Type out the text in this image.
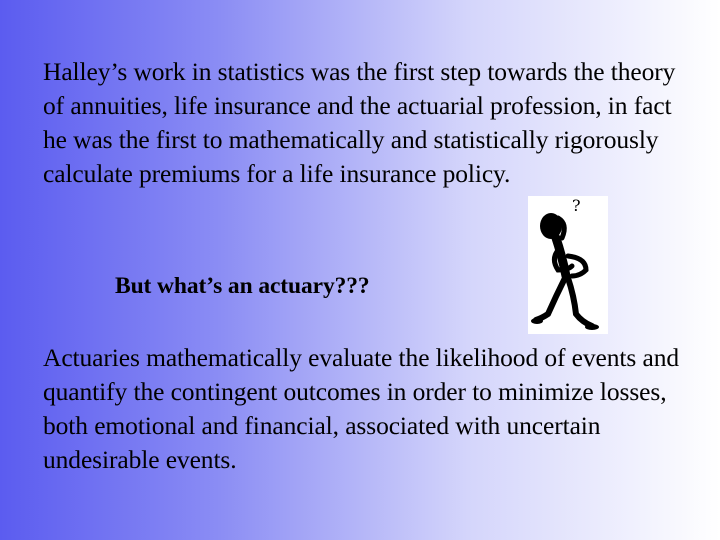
Halley’s work in statistics was the first step towards the theory of annuities, life insurance and the actuarial profession, in fact he was the first to mathematically and statistically rigorously calculate premiums for a life insurance policy.

But what’s an actuary???

?

Actuaries mathematically evaluate the likelihood of events and quantify the contingent outcomes in order to minimize losses, both emotional and financial, associated with uncertain undesirable events.
